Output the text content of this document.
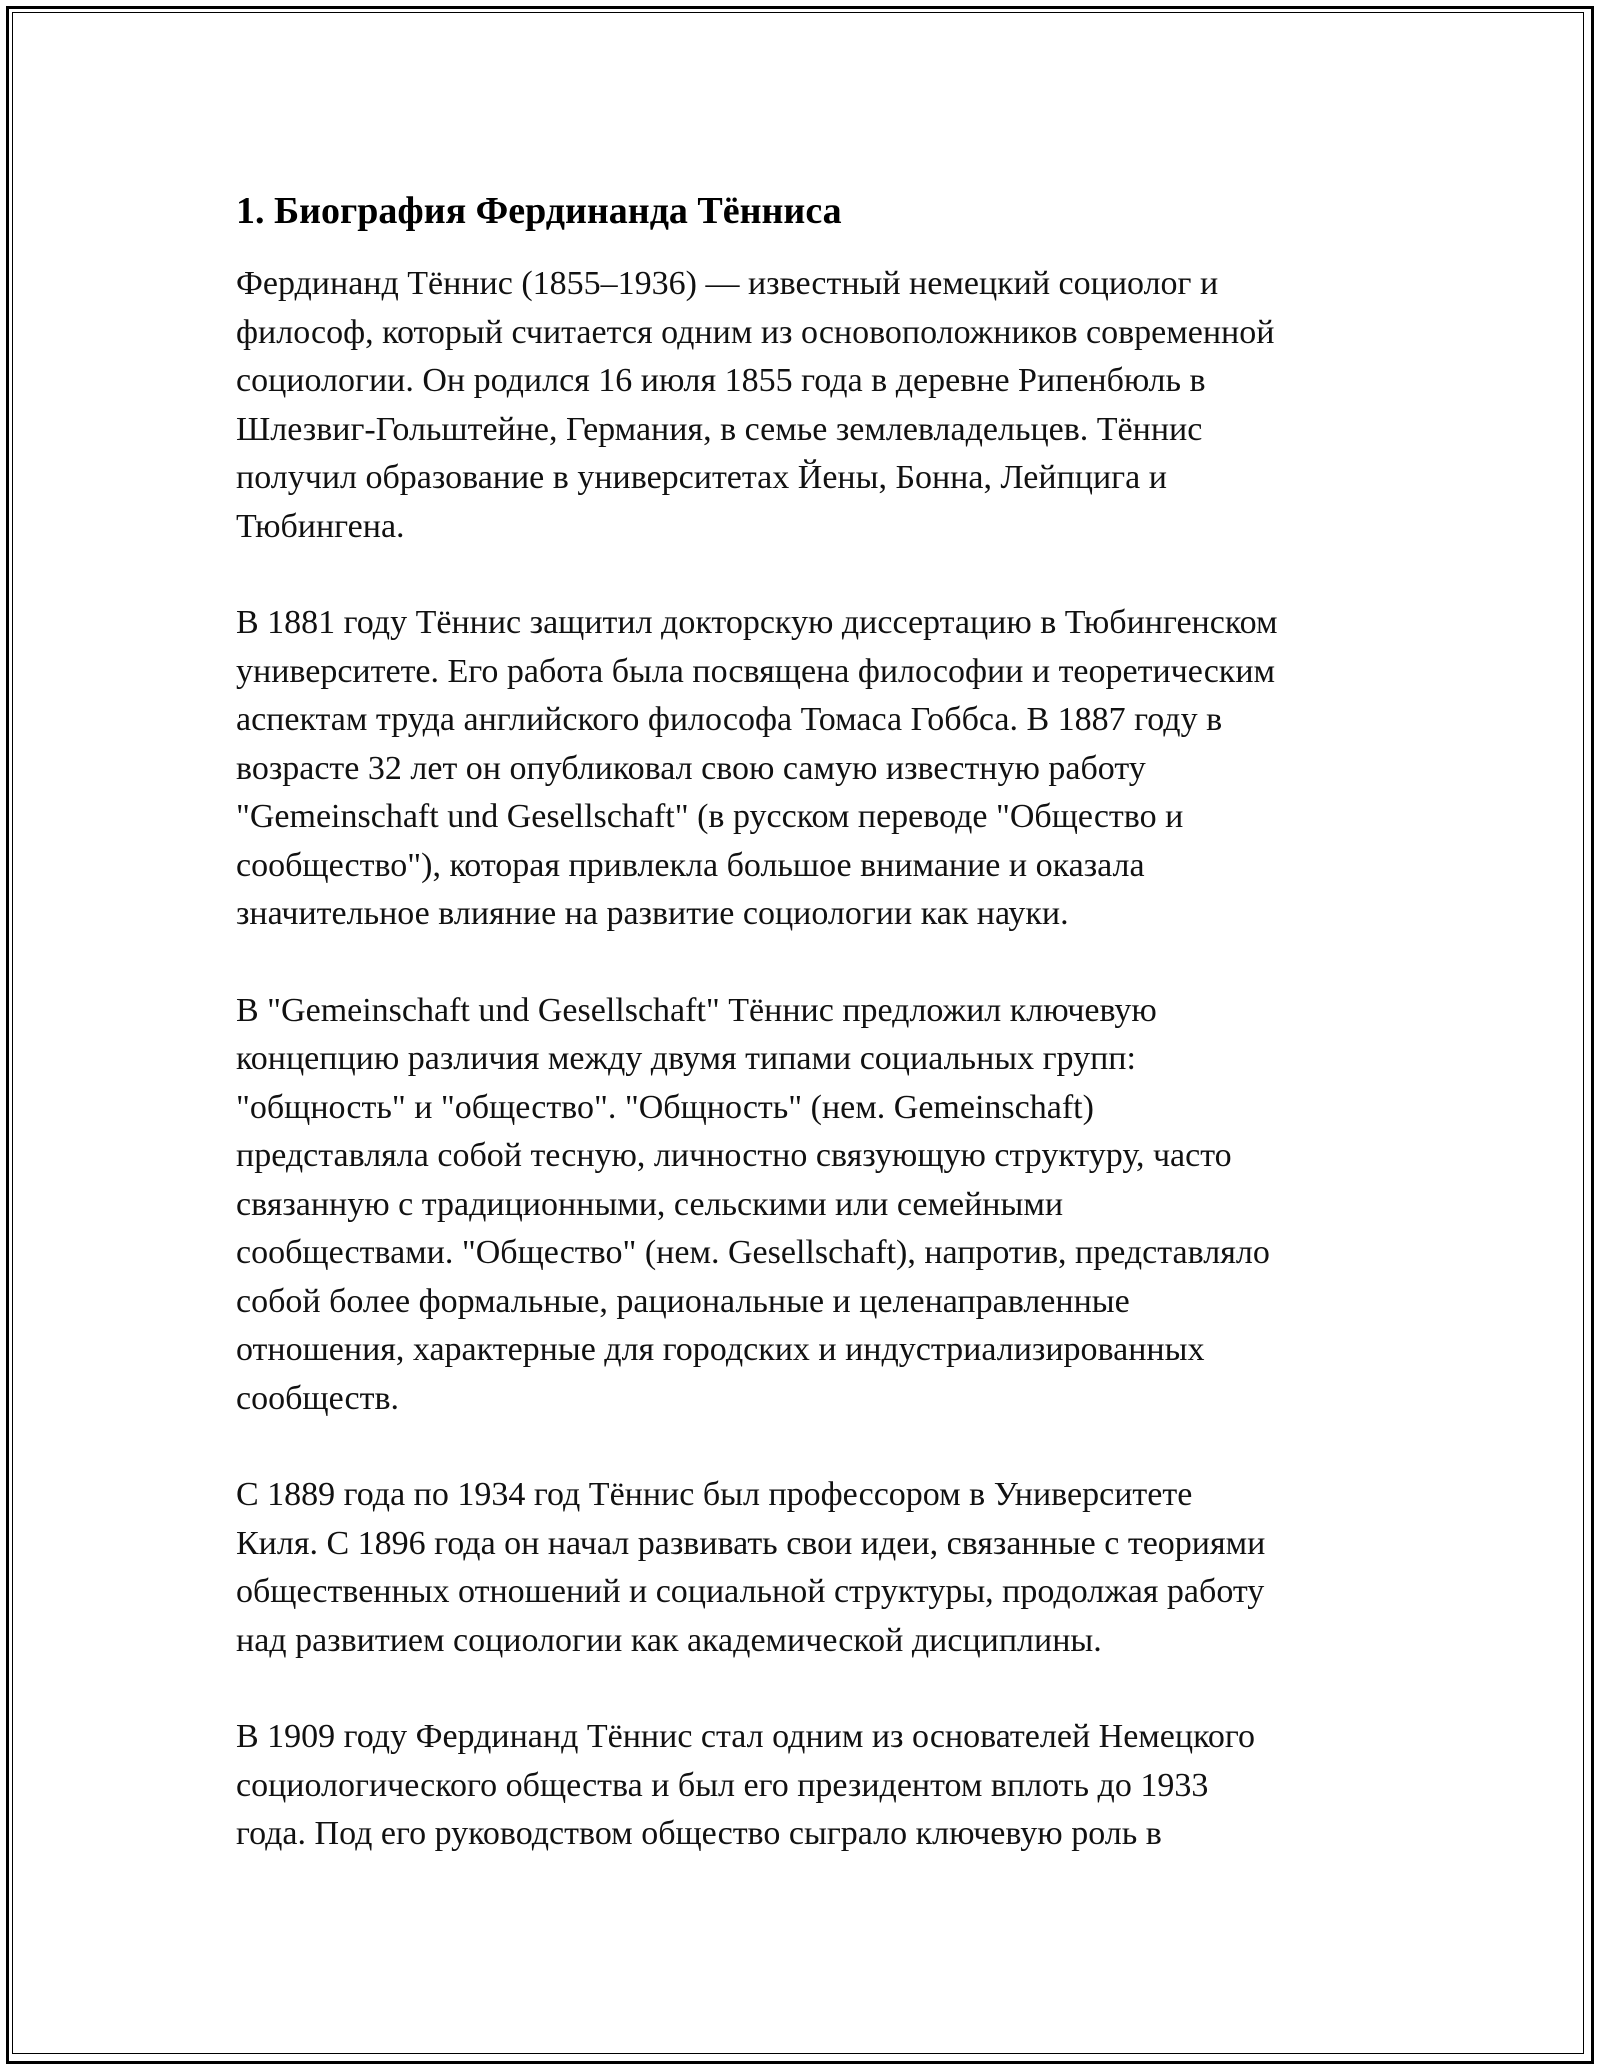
1. Биография Фердинанда Тённиса

Фердинанд Тённис (1855–1936) — известный немецкий социолог и
философ, который считается одним из основоположников современной
социологии. Он родился 16 июля 1855 года в деревне Рипенбюль в
Шлезвиг-Гольштейне, Германия, в семье землевладельцев. Тённис
получил образование в университетах Йены, Бонна, Лейпцига и
Тюбингена.

В 1881 году Тённис защитил докторскую диссертацию в Тюбингенском
университете. Его работа была посвящена философии и теоретическим
аспектам труда английского философа Томаса Гоббса. В 1887 году в
возрасте 32 лет он опубликовал свою самую известную работу
"Gemeinschaft und Gesellschaft" (в русском переводе "Общество и
сообщество"), которая привлекла большое внимание и оказала
значительное влияние на развитие социологии как науки.

В "Gemeinschaft und Gesellschaft" Тённис предложил ключевую
концепцию различия между двумя типами социальных групп:
"общность" и "общество". "Общность" (нем. Gemeinschaft)
представляла собой тесную, личностно связующую структуру, часто
связанную с традиционными, сельскими или семейными
сообществами. "Общество" (нем. Gesellschaft), напротив, представляло
собой более формальные, рациональные и целенаправленные
отношения, характерные для городских и индустриализированных
сообществ.

С 1889 года по 1934 год Тённис был профессором в Университете
Киля. С 1896 года он начал развивать свои идеи, связанные с теориями
общественных отношений и социальной структуры, продолжая работу
над развитием социологии как академической дисциплины.

В 1909 году Фердинанд Тённис стал одним из основателей Немецкого
социологического общества и был его президентом вплоть до 1933
года. Под его руководством общество сыграло ключевую роль в
